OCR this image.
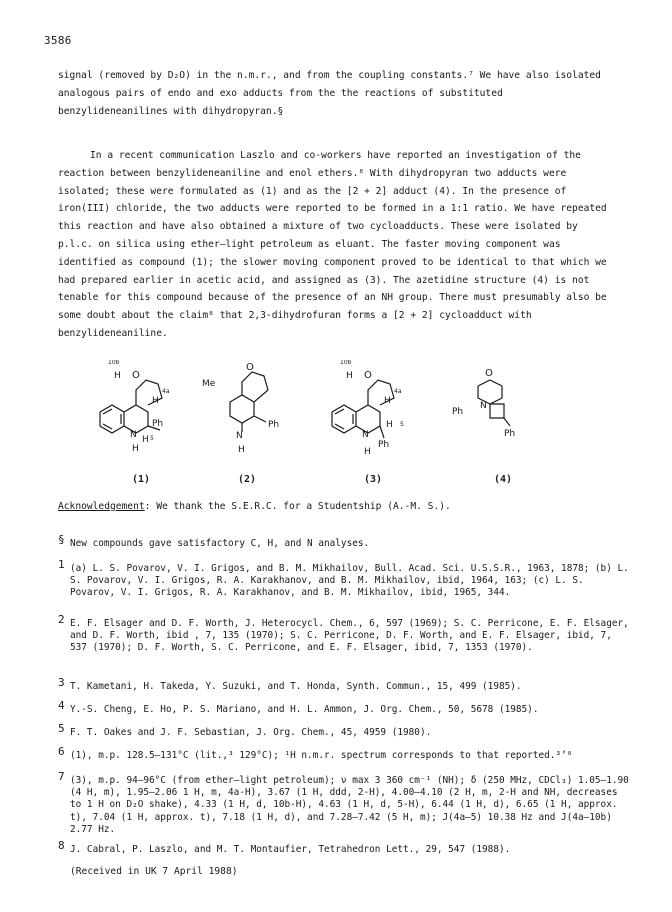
3586

signal (removed by D₂O) in the n.m.r., and from the coupling constants.⁷ We have also isolated analogous pairs of endo and exo adducts from the the reactions of substituted benzylideneanilines with dihydropyran.§

In a recent communication Laszlo and co-workers have reported an investigation of the reaction between benzylideneaniline and enol ethers.⁸ With dihydropyran two adducts were isolated; these were formulated as (1) and as the [2 + 2] adduct (4). In the presence of iron(III) chloride, the two adducts were reported to be formed in a 1:1 ratio. We have repeated this reaction and have also obtained a mixture of two cycloadducts. These were isolated by p.l.c. on silica using ether—light petroleum as eluant. The faster moving component was identified as compound (1); the slower moving component proved to be identical to that which we had prepared earlier in acetic acid, and assigned as (3). The azetidine structure (4) is not tenable for this compound because of the presence of an NH group. There must presumably also be some doubt about the claim⁸ that 2,3-dihydrofuran forms a [2 + 2] cycloadduct with benzylideneaniline.

10b
H O
4a
H
N
Ph
H 5
H
Me
O
N
Ph
H
10b
H O
4a
H
N
H 5
Ph
H
O
N
Ph
Ph
(1)	(2)	(3)	(4)
Acknowledgement: We thank the S.E.R.C. for a Studentship (A.-M. S.).
§ New compounds gave satisfactory C, H, and N analyses.
1 (a) L. S. Povarov, V. I. Grigos, and B. M. Mikhailov, Bull. Acad. Sci. U.S.S.R., 1963, 1878; (b) L. S. Povarov, V. I. Grigos, R. A. Karakhanov, and B. M. Mikhailov, ibid, 1964, 163; (c) L. S. Povarov, V. I. Grigos, R. A. Karakhanov, and B. M. Mikhailov, ibid, 1965, 344.
2 E. F. Elsager and D. F. Worth, J. Heterocycl. Chem., 6, 597 (1969); S. C. Perricone, E. F. Elsager, and D. F. Worth, ibid , 7, 135 (1970); S. C. Perricone, D. F. Worth, and E. F. Elsager, ibid, 7, 537 (1970); D. F. Worth, S. C. Perricone, and E. F. Elsager, ibid, 7, 1353 (1970).
3 T. Kametani, H. Takeda, Y. Suzuki, and T. Honda, Synth. Commun., 15, 499 (1985).
4 Y.-S. Cheng, E. Ho, P. S. Mariano, and H. L. Ammon, J. Org. Chem., 50, 5678 (1985).
5 F. T. Oakes and J. F. Sebastian, J. Org. Chem., 45, 4959 (1980).
6 (1), m.p. 128.5—131°C (lit.,³ 129°C); ¹H n.m.r. spectrum corresponds to that reported.³ʼ⁸
7 (3), m.p. 94—96°C (from ether—light petroleum); ν max 3 360 cm⁻¹ (NH); δ (250 MHz, CDCl₃) 1.05—1.90 (4 H, m), 1.95—2.06 1 H, m, 4a-H), 3.67 (1 H, ddd, 2-H), 4.00—4.10 (2 H, m, 2-H and NH, decreases to 1 H on D₂O shake), 4.33 (1 H, d, 10b-H), 4.63 (1 H, d, 5-H), 6.44 (1 H, d), 6.65 (1 H, approx. t), 7.04 (1 H, approx. t), 7.18 (1 H, d), and 7.28—7.42 (5 H, m); J(4a—5) 10.38 Hz and J(4a—10b) 2.77 Hz.
8 J. Cabral, P. Laszlo, and M. T. Montaufier, Tetrahedron Lett., 29, 547 (1988).
(Received in UK 7 April 1988)
